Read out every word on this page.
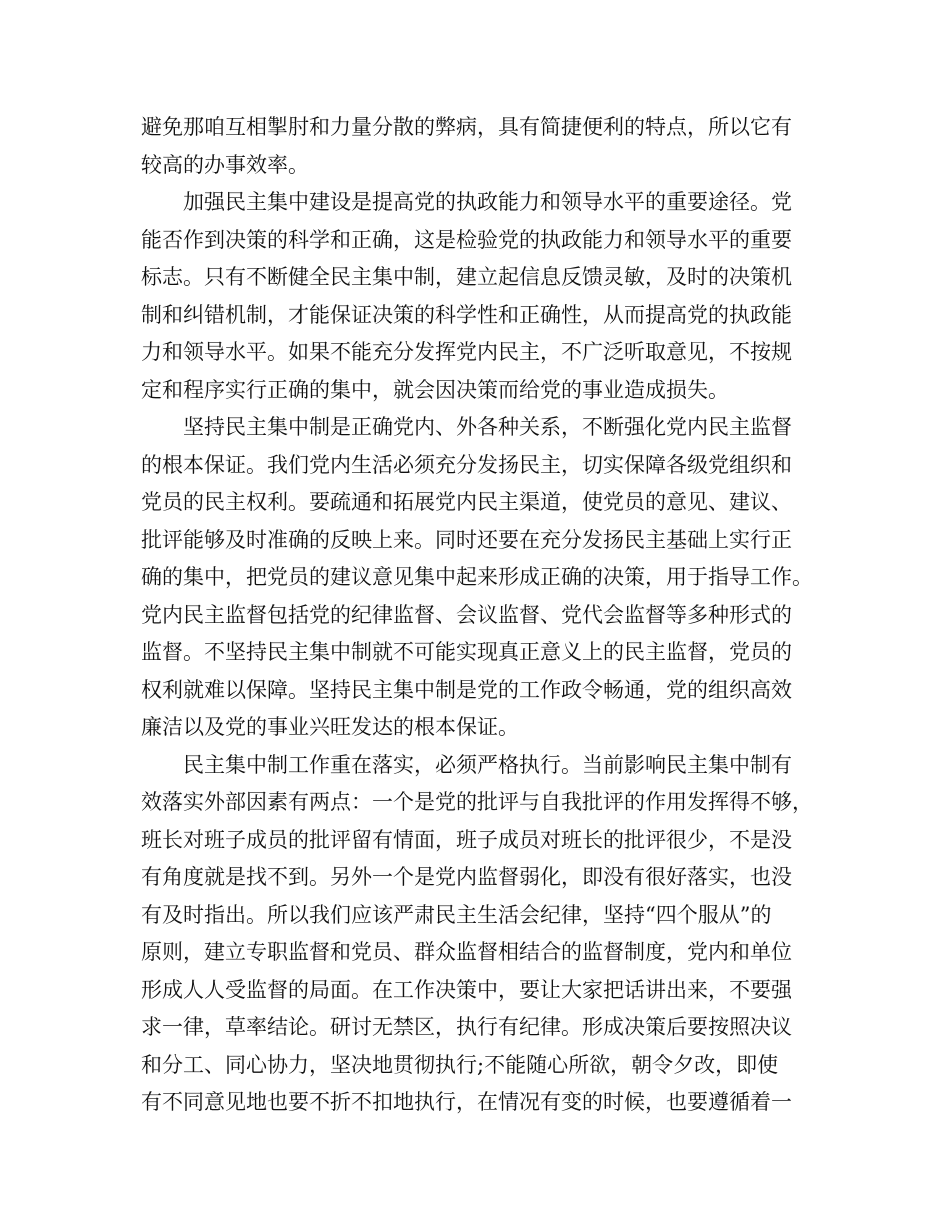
避免那咱互相掣肘和力量分散的弊病，具有简捷便利的特点，所以它有
较高的办事效率。
加强民主集中建设是提高党的执政能力和领导水平的重要途径。党
能否作到决策的科学和正确，这是检验党的执政能力和领导水平的重要
标志。只有不断健全民主集中制，建立起信息反馈灵敏，及时的决策机
制和纠错机制，才能保证决策的科学性和正确性，从而提高党的执政能
力和领导水平。如果不能充分发挥党内民主，不广泛听取意见，不按规
定和程序实行正确的集中，就会因决策而给党的事业造成损失。
坚持民主集中制是正确党内、外各种关系，不断强化党内民主监督
的根本保证。我们党内生活必须充分发扬民主，切实保障各级党组织和
党员的民主权利。要疏通和拓展党内民主渠道，使党员的意见、建议、
批评能够及时准确的反映上来。同时还要在充分发扬民主基础上实行正
确的集中，把党员的建议意见集中起来形成正确的决策，用于指导工作。
党内民主监督包括党的纪律监督、会议监督、党代会监督等多种形式的
监督。不坚持民主集中制就不可能实现真正意义上的民主监督，党员的
权利就难以保障。坚持民主集中制是党的工作政令畅通，党的组织高效
廉洁以及党的事业兴旺发达的根本保证。
民主集中制工作重在落实，必须严格执行。当前影响民主集中制有
效落实外部因素有两点：一个是党的批评与自我批评的作用发挥得不够，
班长对班子成员的批评留有情面，班子成员对班长的批评很少，不是没
有角度就是找不到。另外一个是党内监督弱化，即没有很好落实，也没
有及时指出。所以我们应该严肃民主生活会纪律，坚持“四个服从”的
原则，建立专职监督和党员、群众监督相结合的监督制度，党内和单位
形成人人受监督的局面。在工作决策中，要让大家把话讲出来，不要强
求一律，草率结论。研讨无禁区，执行有纪律。形成决策后要按照决议
和分工、同心协力，坚决地贯彻执行;不能随心所欲，朝令夕改，即使
有不同意见地也要不折不扣地执行，在情况有变的时候，也要遵循着一
